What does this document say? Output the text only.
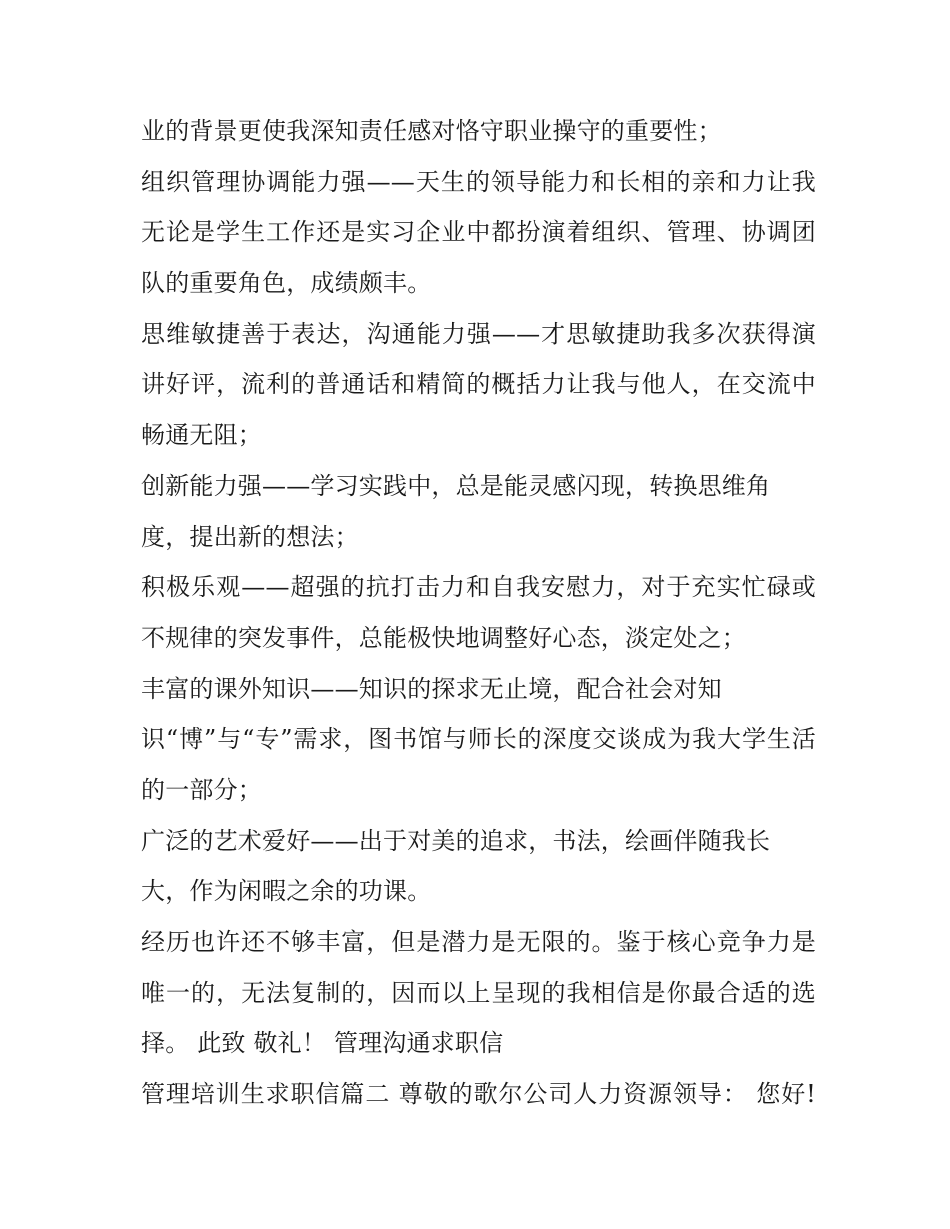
业的背景更使我深知责任感对恪守职业操守的重要性；
组织管理协调能力强——天生的领导能力和长相的亲和力让我
无论是学生工作还是实习企业中都扮演着组织、管理、协调团
队的重要角色，成绩颇丰。
思维敏捷善于表达，沟通能力强——才思敏捷助我多次获得演
讲好评，流利的普通话和精简的概括力让我与他人，在交流中
畅通无阻；
创新能力强——学习实践中，总是能灵感闪现，转换思维角
度，提出新的想法；
积极乐观——超强的抗打击力和自我安慰力，对于充实忙碌或
不规律的突发事件，总能极快地调整好心态，淡定处之；
丰富的课外知识——知识的探求无止境，配合社会对知
识“博”与“专”需求，图书馆与师长的深度交谈成为我大学生活
的一部分；
广泛的艺术爱好——出于对美的追求，书法，绘画伴随我长
大，作为闲暇之余的功课。
经历也许还不够丰富，但是潜力是无限的。鉴于核心竞争力是
唯一的，无法复制的，因而以上呈现的我相信是你最合适的选
择。 此致 敬礼！ 管理沟通求职信
管理培训生求职信篇二 尊敬的歌尔公司人力资源领导： 您好!
